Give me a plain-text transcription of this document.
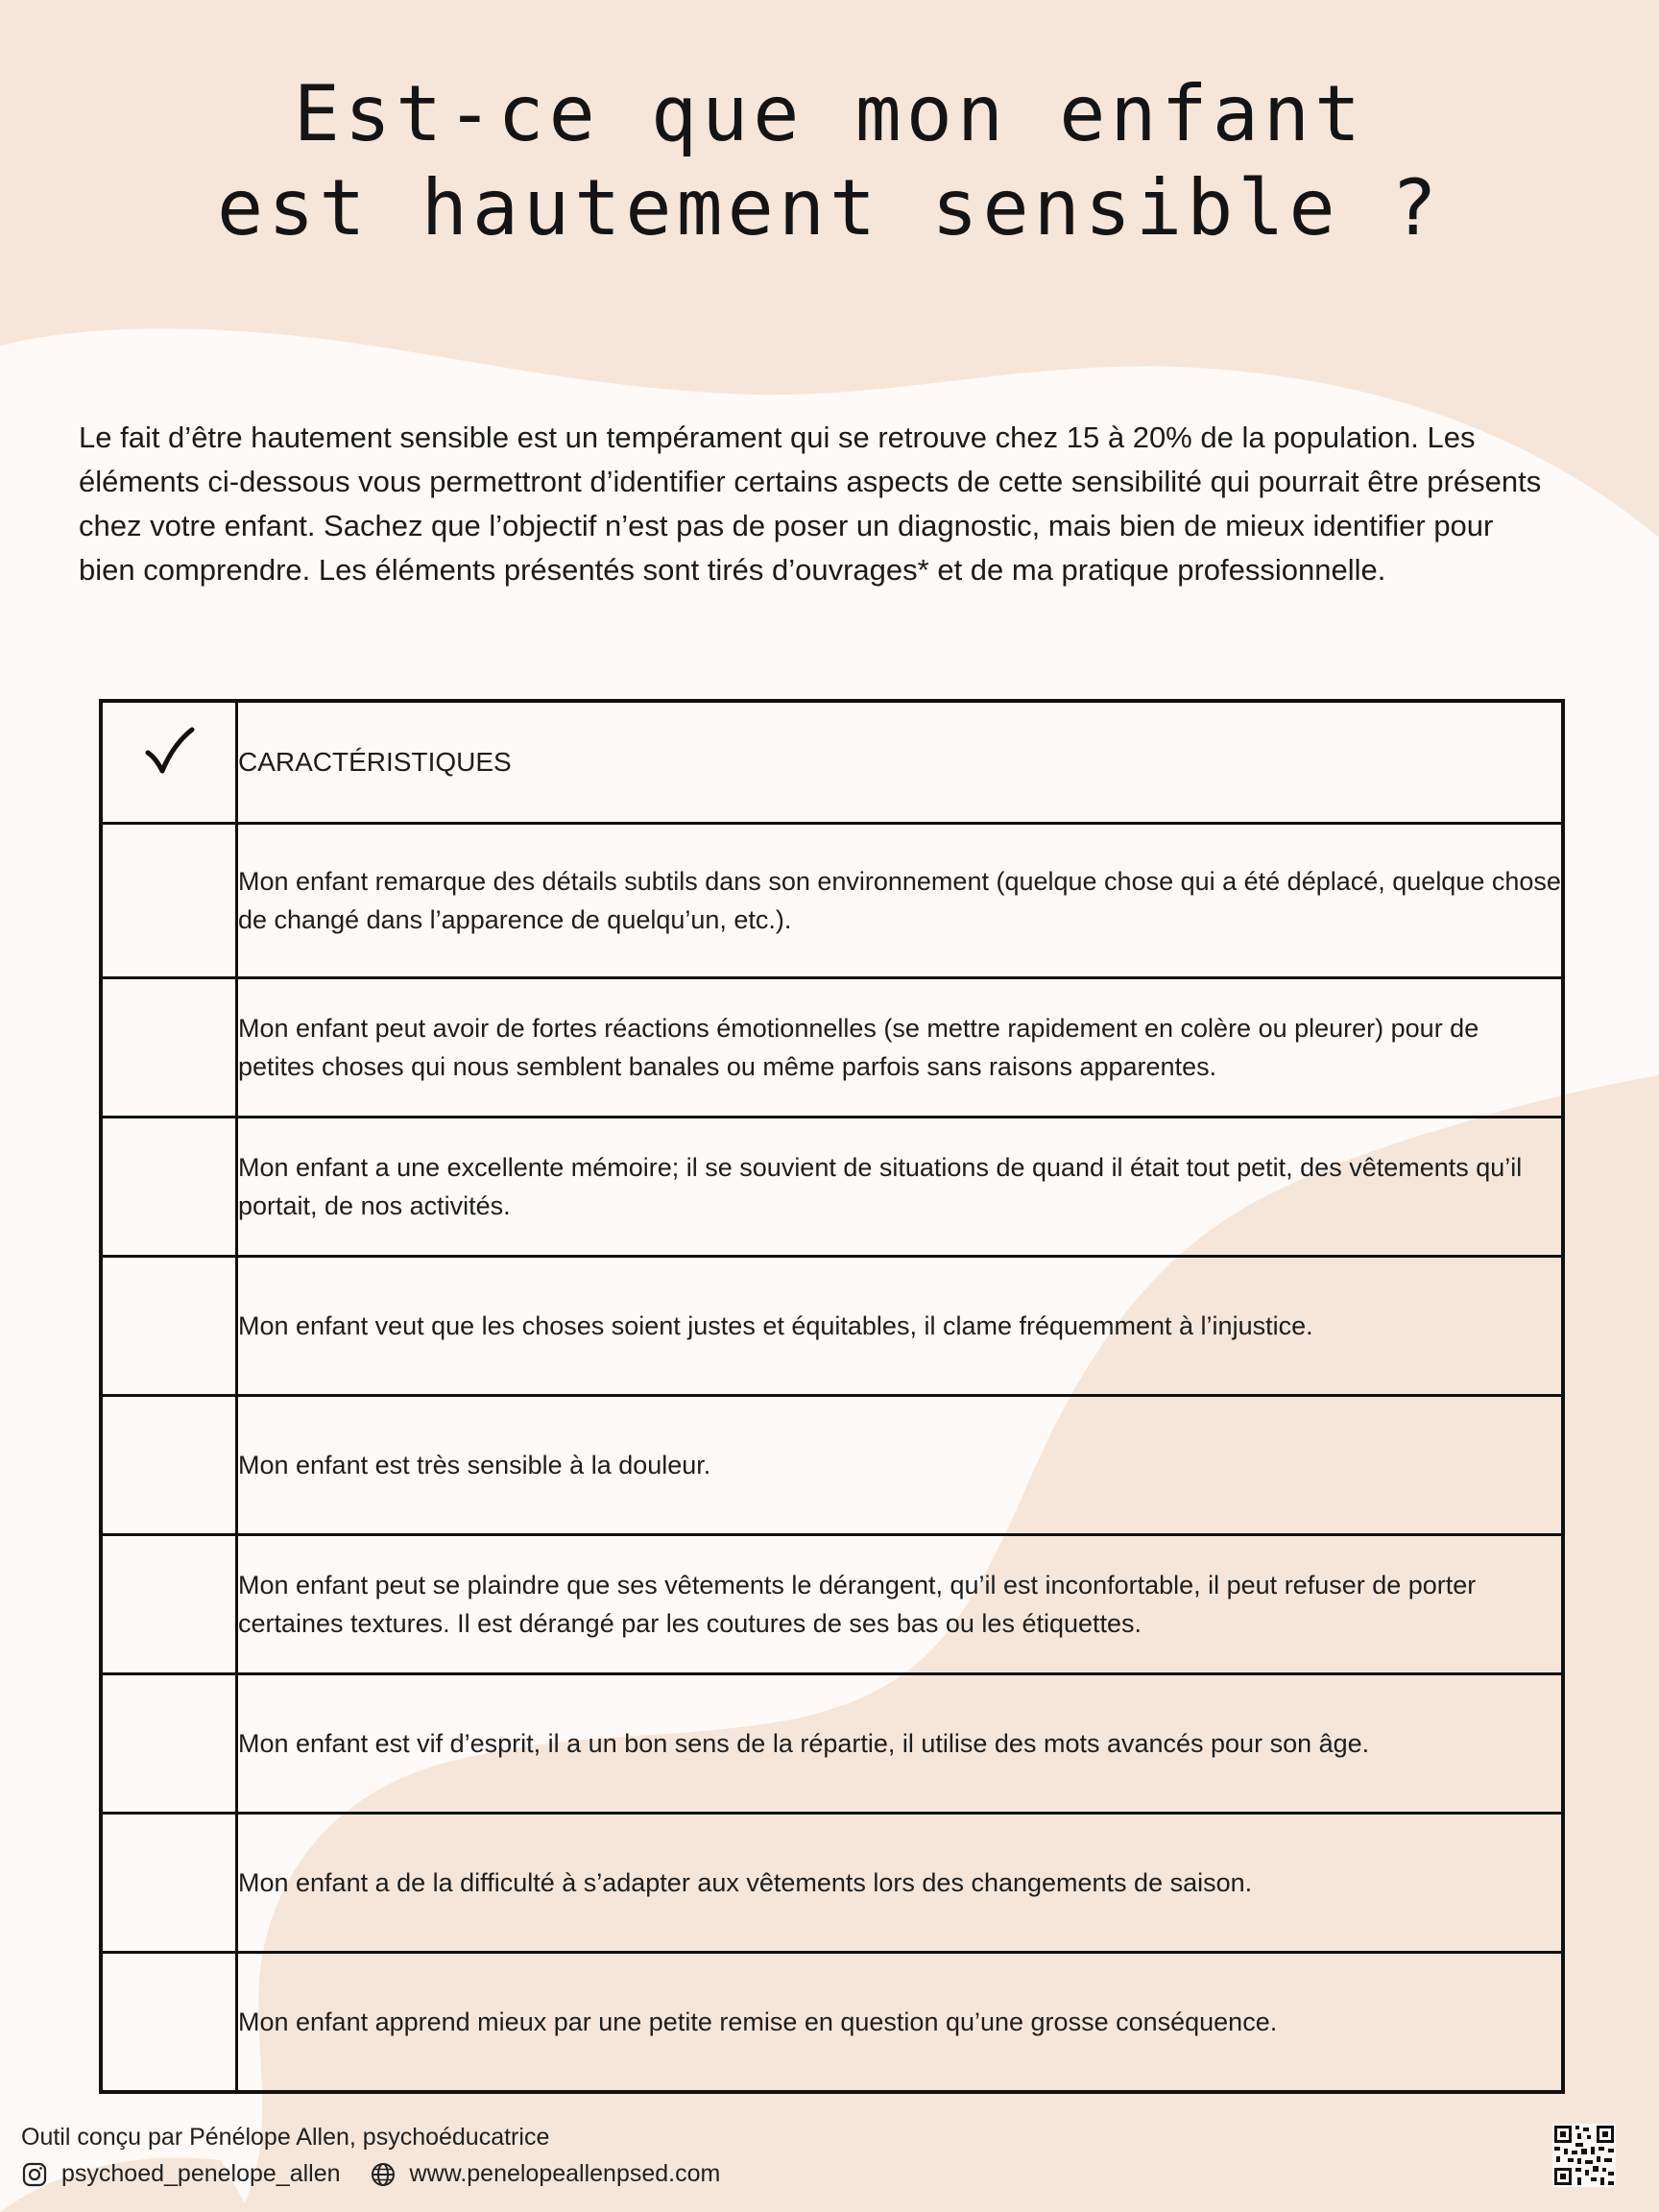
Est-ce que mon enfant
est hautement sensible ?

Le fait d’être hautement sensible est un tempérament qui se retrouve chez 15 à 20% de la population. Les éléments ci-dessous vous permettront d’identifier certains aspects de cette sensibilité qui pourrait être présents chez votre enfant. Sachez que l’objectif n’est pas de poser un diagnostic, mais bien de mieux identifier pour bien comprendre. Les éléments présentés sont tirés d’ouvrages* et de ma pratique professionnelle.

	CARACTÉRISTIQUES
	Mon enfant remarque des détails subtils dans son environnement (quelque chose qui a été déplacé, quelque chose de changé dans l’apparence de quelqu’un, etc.).
	Mon enfant peut avoir de fortes réactions émotionnelles (se mettre rapidement en colère ou pleurer) pour de petites choses qui nous semblent banales ou même parfois sans raisons apparentes.
	Mon enfant a une excellente mémoire; il se souvient de situations de quand il était tout petit, des vêtements qu’il portait, de nos activités.
	Mon enfant veut que les choses soient justes et équitables, il clame fréquemment à l’injustice.
	Mon enfant est très sensible à la douleur.
	Mon enfant peut se plaindre que ses vêtements le dérangent, qu’il est inconfortable, il peut refuser de porter certaines textures. Il est dérangé par les coutures de ses bas ou les étiquettes.
	Mon enfant est vif d’esprit, il a un bon sens de la répartie, il utilise des mots avancés pour son âge.
	Mon enfant a de la difficulté à s’adapter aux vêtements lors des changements de saison.
	Mon enfant apprend mieux par une petite remise en question qu’une grosse conséquence.
Outil conçu par Pénélope Allen, psychoéducatrice
psychoed_penelope_allen	www.penelopeallenpsed.com
